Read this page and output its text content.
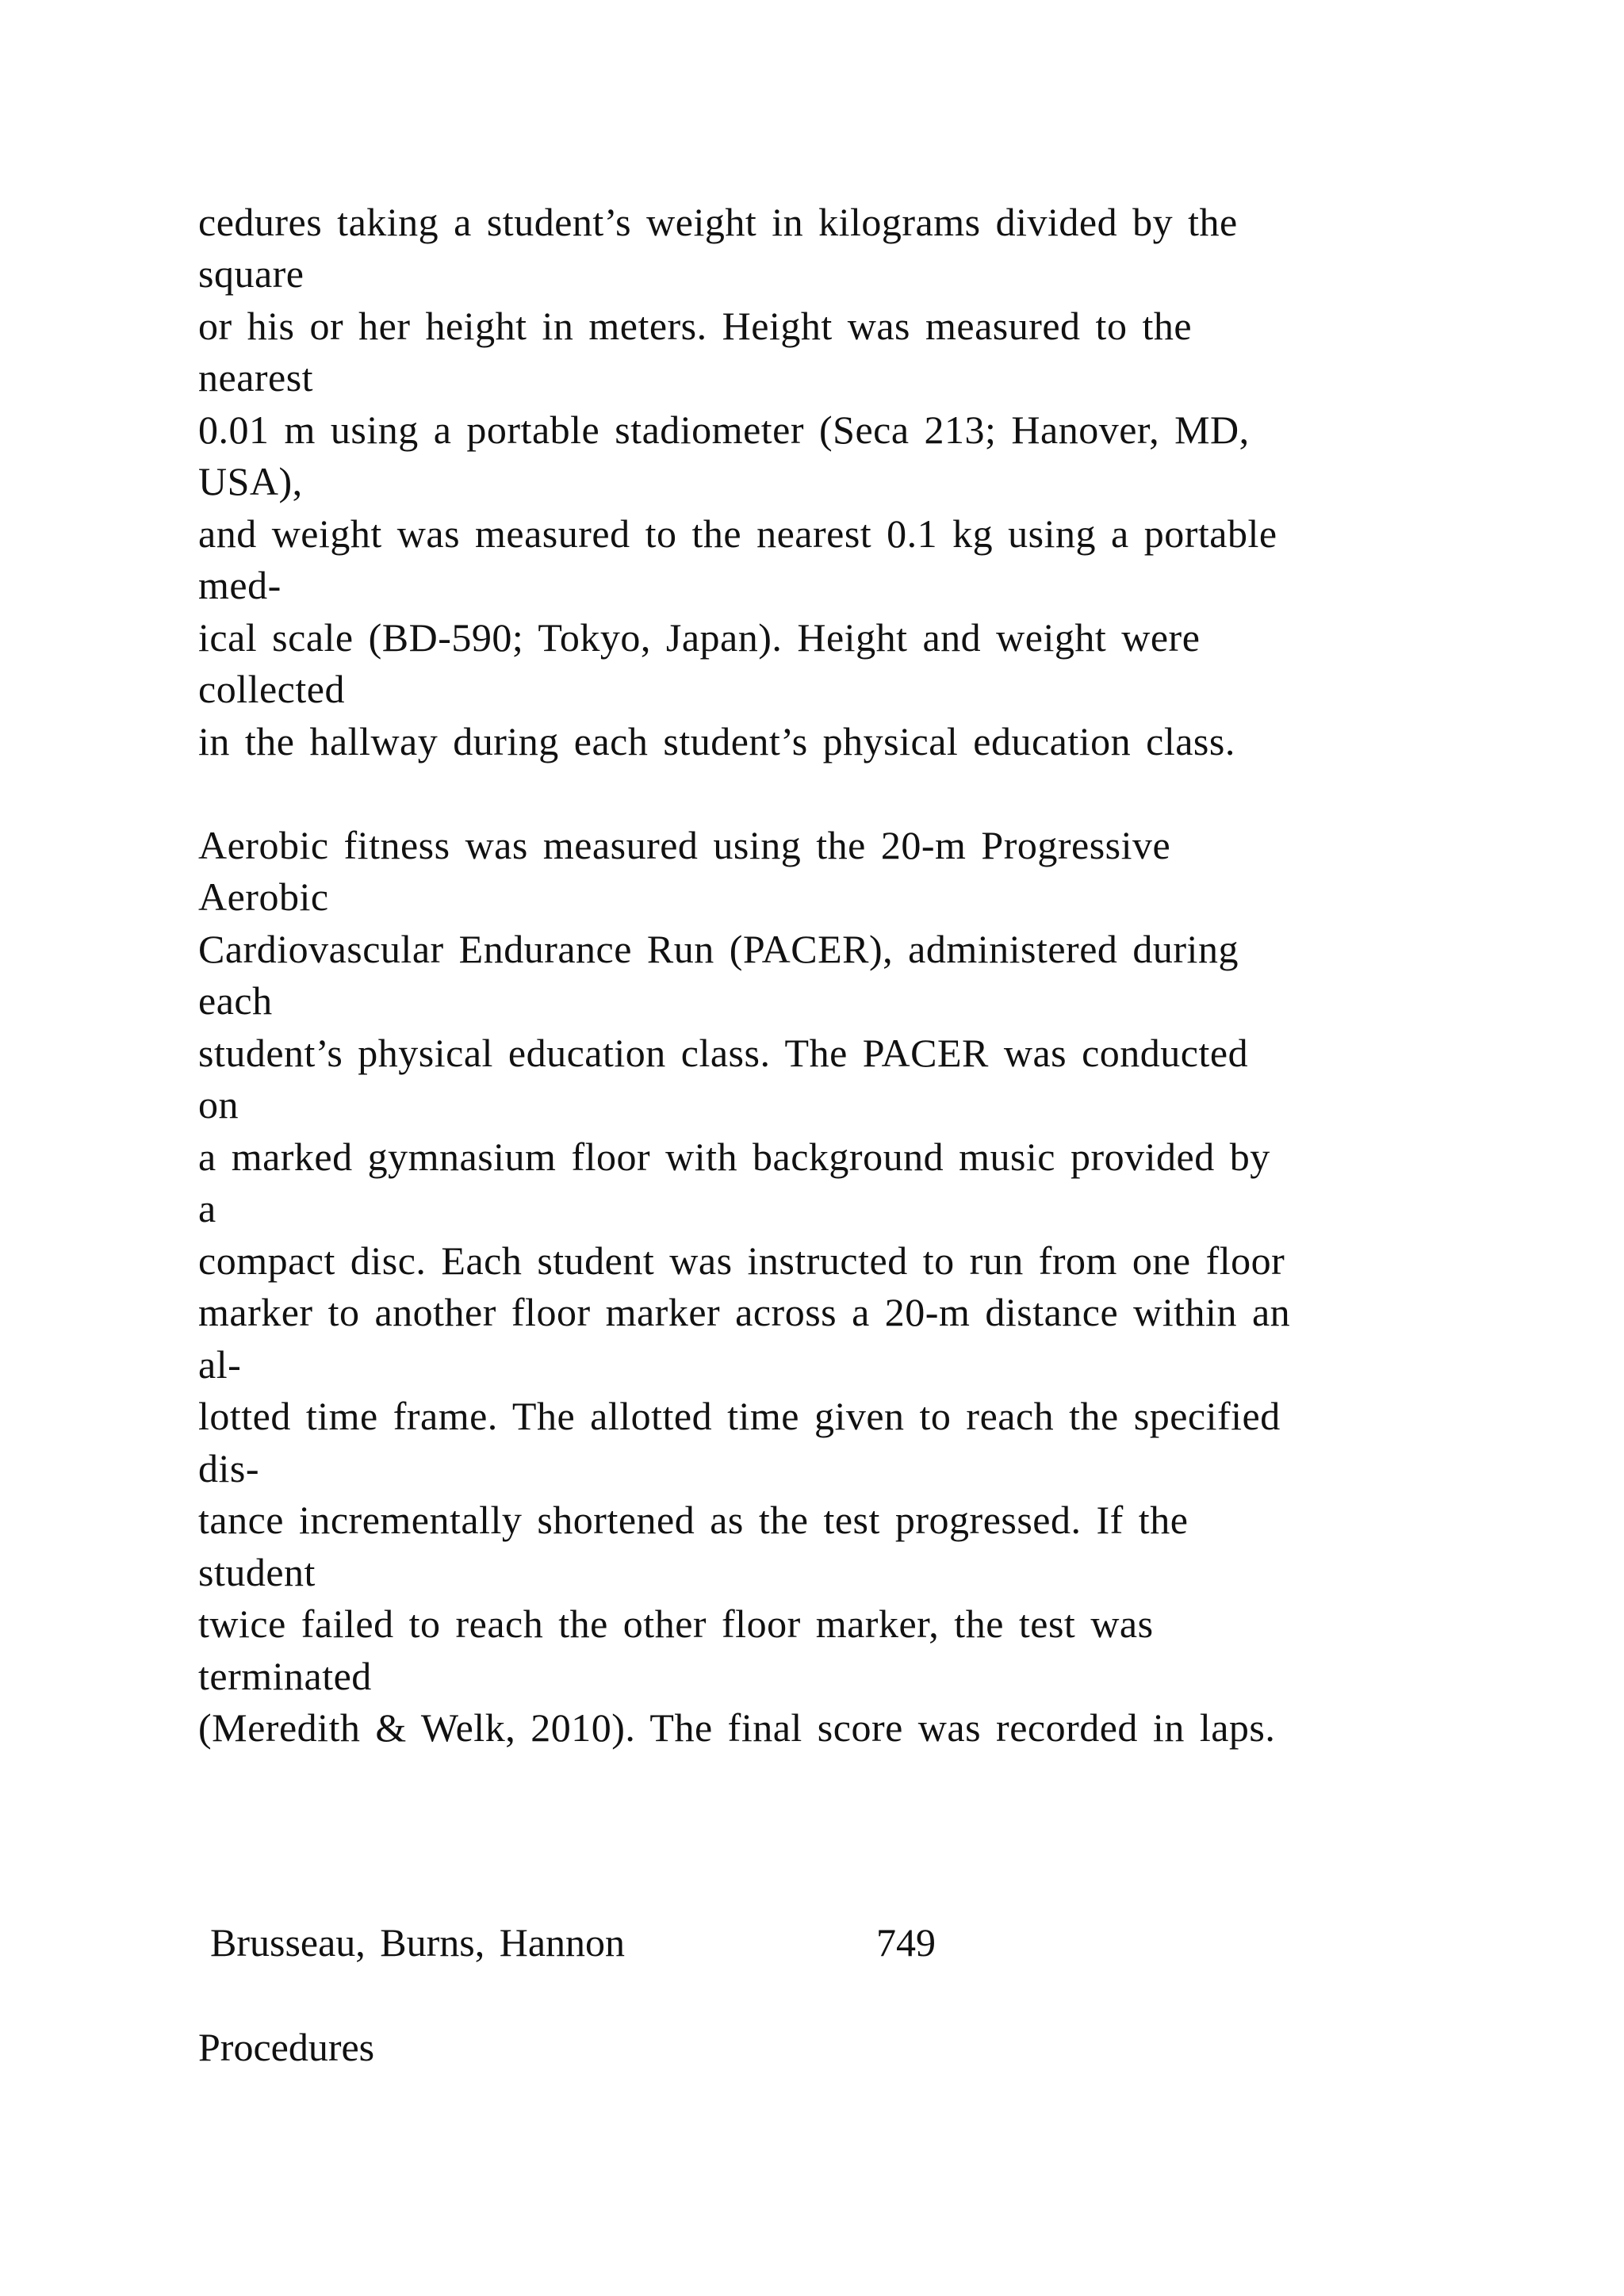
cedures taking a student’s weight in kilograms divided by the
square
or his or her height in meters. Height was measured to the
nearest
0.01 m using a portable stadiometer (Seca 213; Hanover, MD,
USA),
and weight was measured to the nearest 0.1 kg using a portable
med-
ical scale (BD-590; Tokyo, Japan). Height and weight were
collected
in the hallway during each student’s physical education class.
Aerobic fitness was measured using the 20-m Progressive
Aerobic
Cardiovascular Endurance Run (PACER), administered during
each
student’s physical education class. The PACER was conducted
on
a marked gymnasium floor with background music provided by
a
compact disc. Each student was instructed to run from one floor
marker to another floor marker across a 20-m distance within an
al-
lotted time frame. The allotted time given to reach the specified
dis-
tance incrementally shortened as the test progressed. If the
student
twice failed to reach the other floor marker, the test was
terminated
(Meredith & Welk, 2010). The final score was recorded in laps.
Brusseau, Burns, Hannon	749
Procedures
